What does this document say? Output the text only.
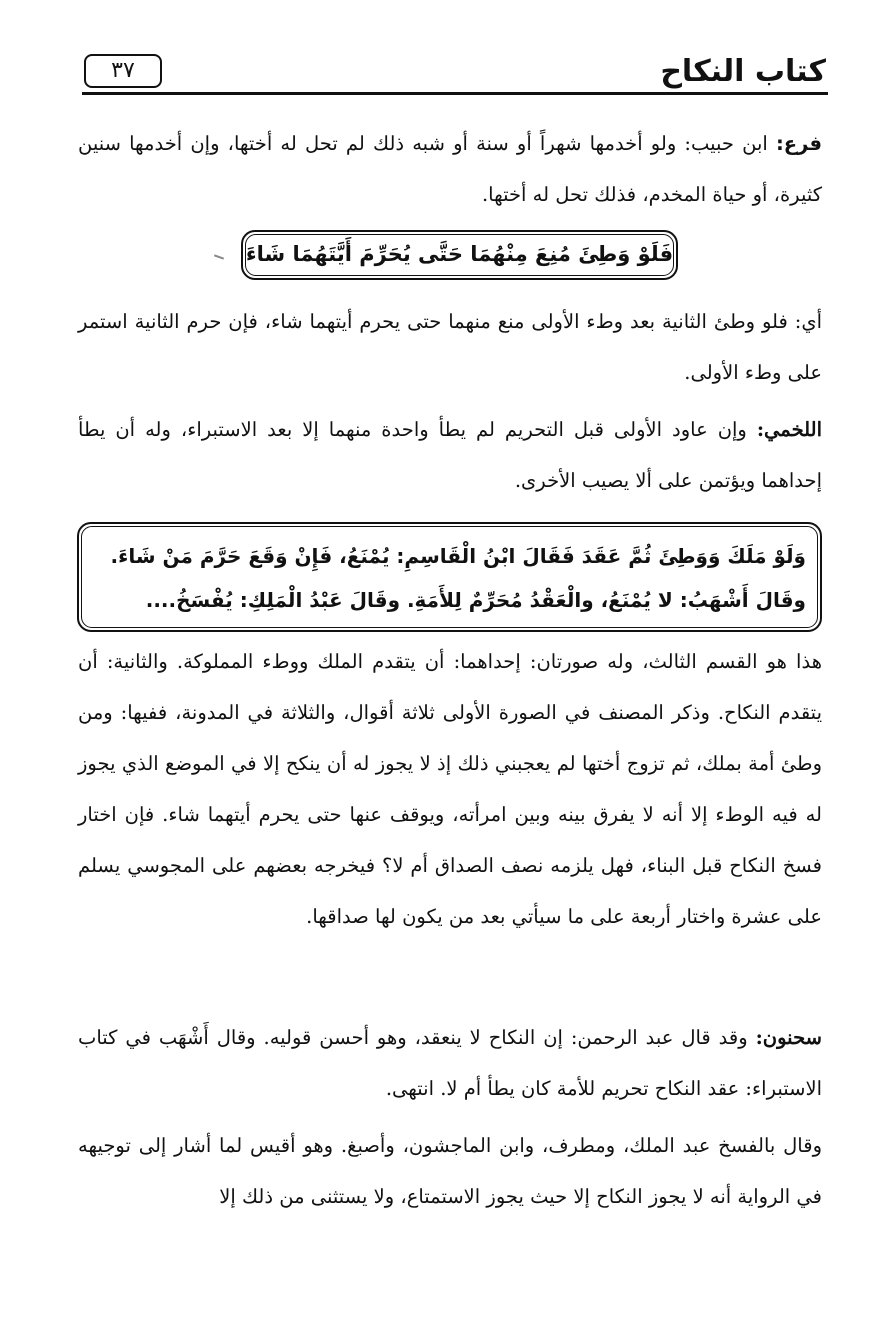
كتاب النكاح
٣٧

فرع: ابن حبيب: ولو أخدمها شهراً أو سنة أو شبه ذلك لم تحل له أختها، وإن أخدمها سنين كثيرة، أو حياة المخدم، فذلك تحل له أختها.

فَلَوْ وَطِئَ مُنِعَ مِنْهُمَا حَتَّى يُحَرِّمَ أَيَّتَهُمَا شَاءَ

أي: فلو وطئ الثانية بعد وطء الأولى منع منهما حتى يحرم أيتهما شاء، فإن حرم الثانية استمر على وطء الأولى.

اللخمي: وإن عاود الأولى قبل التحريم لم يطأ واحدة منهما إلا بعد الاستبراء، وله أن يطأ إحداهما ويؤتمن على ألا يصيب الأخرى.

وَلَوْ مَلَكَ وَوَطِئَ ثُمَّ عَقَدَ فَقَالَ ابْنُ الْقَاسِمِ: يُمْنَعُ، فَإِنْ وَقَعَ حَرَّمَ مَنْ شَاءَ.
وقَالَ أَشْهَبُ: لا يُمْنَعُ، والْعَقْدُ مُحَرِّمٌ لِلأَمَةِ. وقَالَ عَبْدُ الْمَلِكِ: يُفْسَخُ....

هذا هو القسم الثالث، وله صورتان: إحداهما: أن يتقدم الملك ووطء المملوكة. والثانية: أن يتقدم النكاح. وذكر المصنف في الصورة الأولى ثلاثة أقوال، والثلاثة في المدونة، ففيها: ومن وطئ أمة بملك، ثم تزوج أختها لم يعجبني ذلك إذ لا يجوز له أن ينكح إلا في الموضع الذي يجوز له فيه الوطء إلا أنه لا يفرق بينه وبين امرأته، ويوقف عنها حتى يحرم أيتهما شاء. فإن اختار فسخ النكاح قبل البناء، فهل يلزمه نصف الصداق أم لا؟ فيخرجه بعضهم على المجوسي يسلم على عشرة واختار أربعة على ما سيأتي بعد من يكون لها صداقها.

سحنون: وقد قال عبد الرحمن: إن النكاح لا ينعقد، وهو أحسن قوليه. وقال أَشْهَب في كتاب الاستبراء: عقد النكاح تحريم للأمة كان يطأ أم لا. انتهى.

وقال بالفسخ عبد الملك، ومطرف، وابن الماجشون، وأصبغ. وهو أقيس لما أشار إلى توجيهه في الرواية أنه لا يجوز النكاح إلا حيث يجوز الاستمتاع، ولا يستثنى من ذلك إلا
